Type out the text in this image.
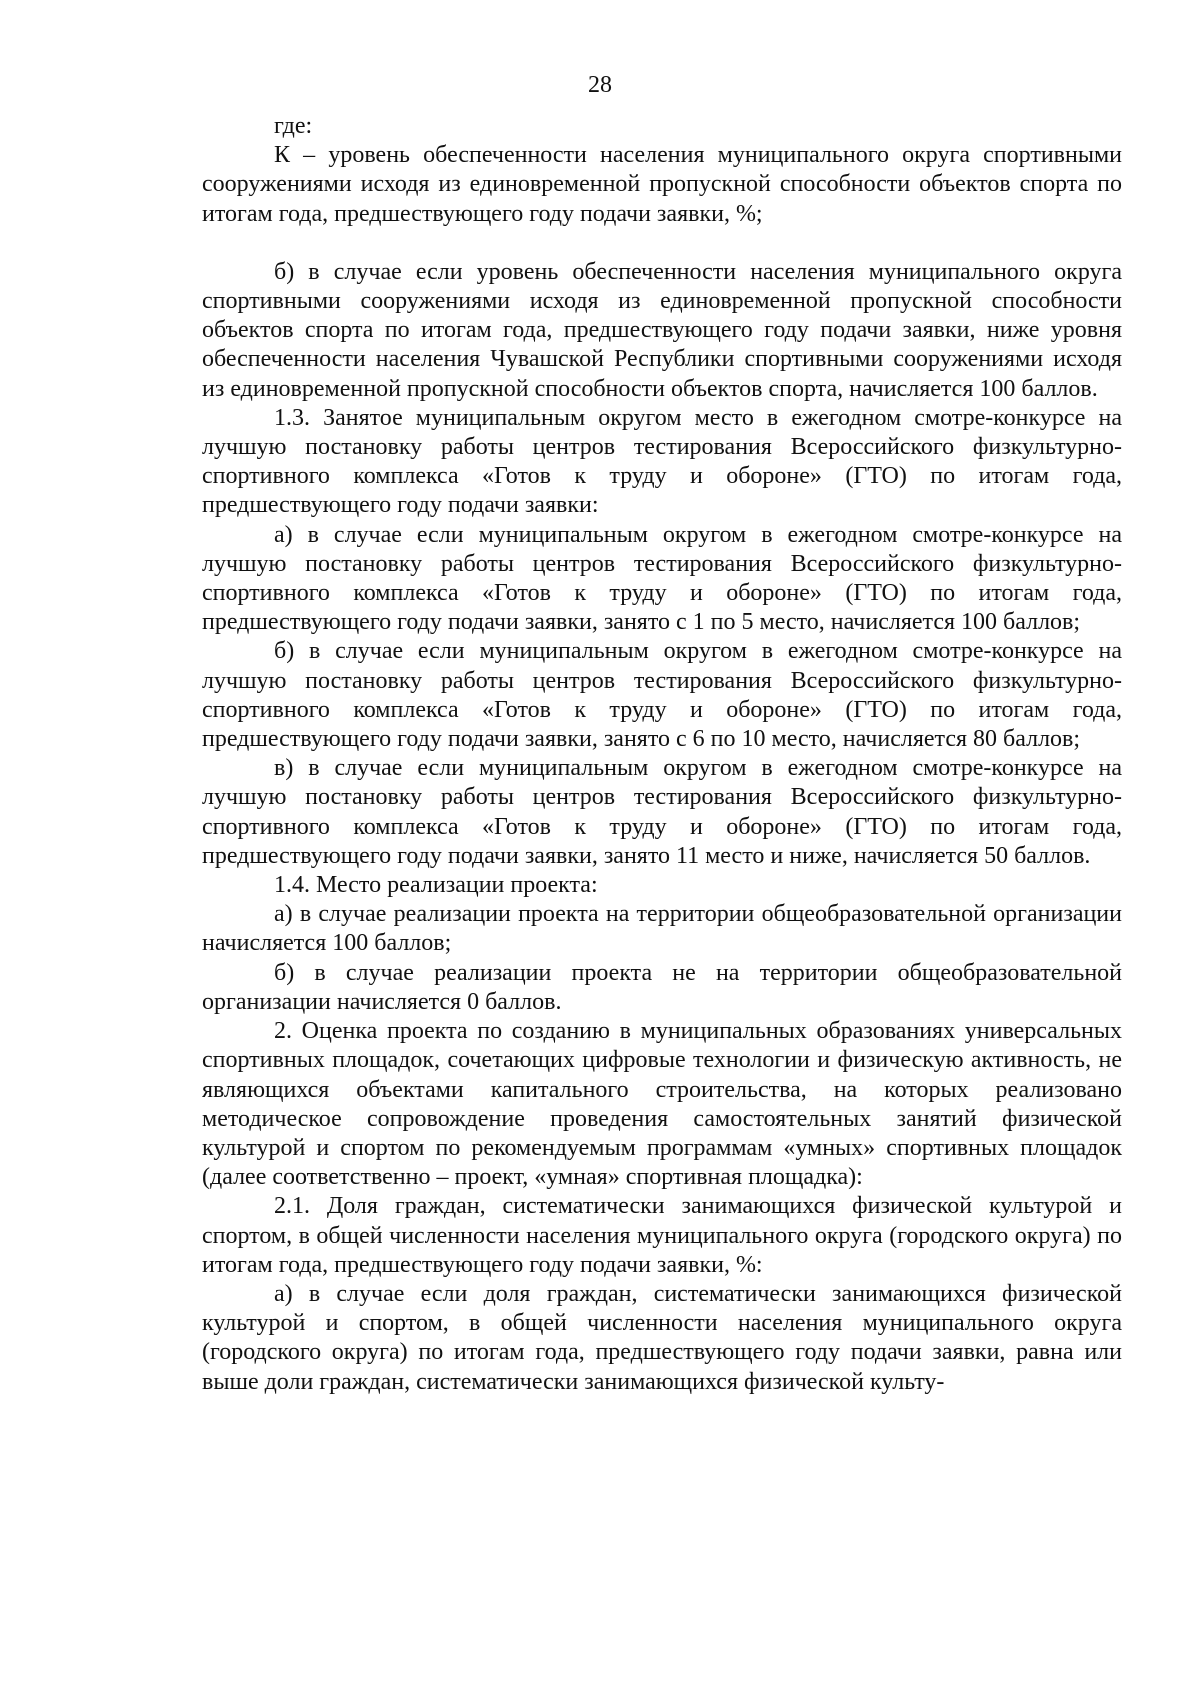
28

где:

К – уровень обеспеченности населения муниципального округа спортивными сооружениями исходя из единовременной пропускной способности объектов спорта по итогам года, предшествующего году подачи заявки, %;

б) в случае если уровень обеспеченности населения муниципального округа спортивными сооружениями исходя из единовременной пропускной способности объектов спорта по итогам года, предшествующего году подачи заявки, ниже уровня обеспеченности населения Чувашской Республики спортивными сооружениями исходя из единовременной пропускной способности объектов спорта, начисляется 100 баллов.

1.3. Занятое муниципальным округом место в ежегодном смотре-конкурсе на лучшую постановку работы центров тестирования Всероссийского физкультурно-спортивного комплекса «Готов к труду и обороне» (ГТО) по итогам года, предшествующего году подачи заявки:

а) в случае если муниципальным округом в ежегодном смотре-конкурсе на лучшую постановку работы центров тестирования Всероссийского физкультурно-спортивного комплекса «Готов к труду и обороне» (ГТО) по итогам года, предшествующего году подачи заявки, занято с 1 по 5 место, начисляется 100 баллов;

б) в случае если муниципальным округом в ежегодном смотре-конкурсе на лучшую постановку работы центров тестирования Всероссийского физкультурно-спортивного комплекса «Готов к труду и обороне» (ГТО) по итогам года, предшествующего году подачи заявки, занято с 6 по 10 место, начисляется 80 баллов;

в) в случае если муниципальным округом в ежегодном смотре-конкурсе на лучшую постановку работы центров тестирования Всероссийского физкультурно-спортивного комплекса «Готов к труду и обороне» (ГТО) по итогам года, предшествующего году подачи заявки, занято 11 место и ниже, начисляется 50 баллов.

1.4. Место реализации проекта:

а) в случае реализации проекта на территории общеобразовательной организации начисляется 100 баллов;

б) в случае реализации проекта не на территории общеобразовательной организации начисляется 0 баллов.

2. Оценка проекта по созданию в муниципальных образованиях универсальных спортивных площадок, сочетающих цифровые технологии и физическую активность, не являющихся объектами капитального строительства, на которых реализовано методическое сопровождение проведения самостоятельных занятий физической культурой и спортом по рекомендуемым программам «умных» спортивных площадок (далее соответственно – проект, «умная» спортивная площадка):

2.1. Доля граждан, систематически занимающихся физической культурой и спортом, в общей численности населения муниципального округа (городского округа) по итогам года, предшествующего году подачи заявки, %:

а) в случае если доля граждан, систематически занимающихся физической культурой и спортом, в общей численности населения муниципального округа (городского округа) по итогам года, предшествующего году подачи заявки, равна или выше доли граждан, систематически занимающихся физической культу-
